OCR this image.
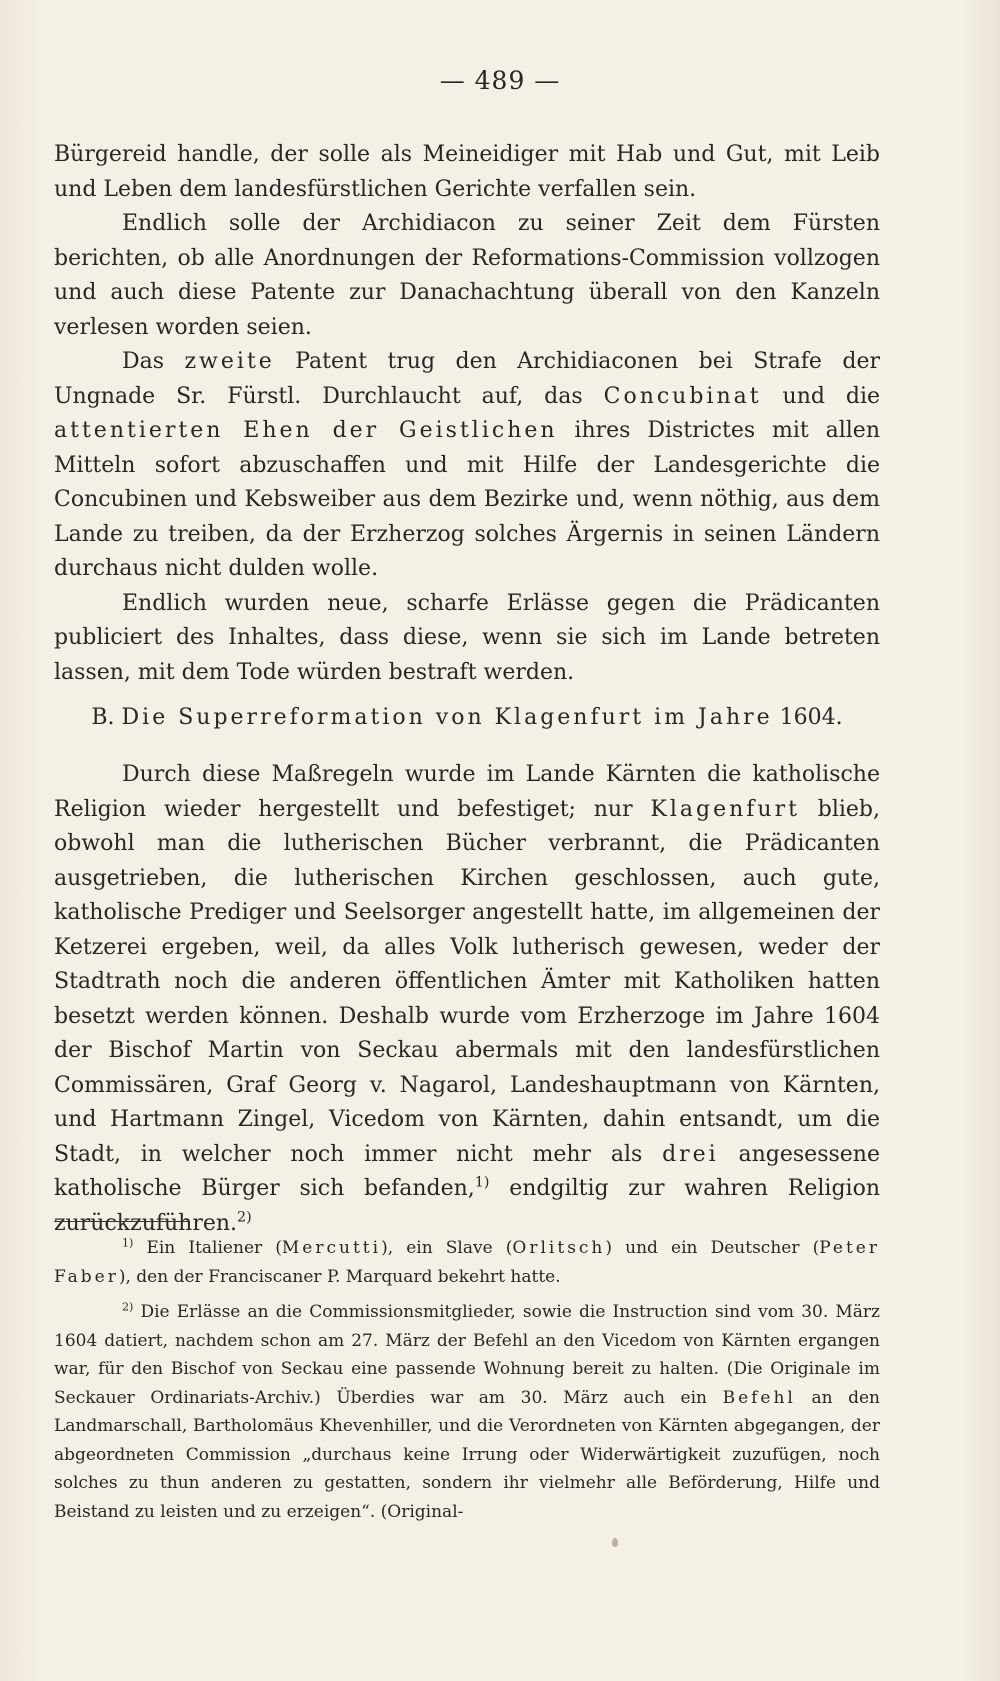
— 489 —

Bürgereid handle, der solle als Meineidiger mit Hab und Gut, mit Leib und Leben dem landesfürstlichen Gerichte verfallen sein.

Endlich solle der Archidiacon zu seiner Zeit dem Fürsten berichten, ob alle Anordnungen der Reformations-Commission vollzogen und auch diese Patente zur Danachachtung überall von den Kanzeln verlesen worden seien.

Das zweite Patent trug den Archidiaconen bei Strafe der Ungnade Sr. Fürstl. Durchlaucht auf, das Concubinat und die attentierten Ehen der Geistlichen ihres Districtes mit allen Mitteln sofort abzuschaffen und mit Hilfe der Landesgerichte die Concubinen und Kebsweiber aus dem Bezirke und, wenn nöthig, aus dem Lande zu treiben, da der Erzherzog solches Ärgernis in seinen Ländern durchaus nicht dulden wolle.

Endlich wurden neue, scharfe Erlässe gegen die Prädicanten publiciert des Inhaltes, dass diese, wenn sie sich im Lande betreten lassen, mit dem Tode würden bestraft werden.

B. Die Superreformation von Klagenfurt im Jahre 1604.

Durch diese Maßregeln wurde im Lande Kärnten die katholische Religion wieder hergestellt und befestiget; nur Klagenfurt blieb, obwohl man die lutherischen Bücher verbrannt, die Prädicanten ausgetrieben, die lutherischen Kirchen geschlossen, auch gute, katholische Prediger und Seelsorger angestellt hatte, im allgemeinen der Ketzerei ergeben, weil, da alles Volk lutherisch gewesen, weder der Stadtrath noch die anderen öffentlichen Ämter mit Katholiken hatten besetzt werden können. Deshalb wurde vom Erzherzoge im Jahre 1604 der Bischof Martin von Seckau abermals mit den landesfürstlichen Commissären, Graf Georg v. Nagarol, Landeshauptmann von Kärnten, und Hartmann Zingel, Vicedom von Kärnten, dahin entsandt, um die Stadt, in welcher noch immer nicht mehr als drei angesessene katholische Bürger sich befanden,$^{1)}$ endgiltig zur wahren Religion zurückzuführen.$^{2)}$

$^{1)}$ Ein Italiener (Mercutti), ein Slave (Orlitsch) und ein Deutscher (Peter Faber), den der Franciscaner P. Marquard bekehrt hatte.

$^{2)}$ Die Erlässe an die Commissionsmitglieder, sowie die Instruction sind vom 30. März 1604 datiert, nachdem schon am 27. März der Befehl an den Vicedom von Kärnten ergangen war, für den Bischof von Seckau eine passende Wohnung bereit zu halten. (Die Originale im Seckauer Ordinariats-Archiv.) Überdies war am 30. März auch ein Befehl an den Landmarschall, Bartholomäus Khevenhiller, und die Verordneten von Kärnten abgegangen, der abgeordneten Commission „durchaus keine Irrung oder Widerwärtigkeit zuzufügen, noch solches zu thun anderen zu gestatten, sondern ihr vielmehr alle Beförderung, Hilfe und Beistand zu leisten und zu erzeigen“. (Original-
